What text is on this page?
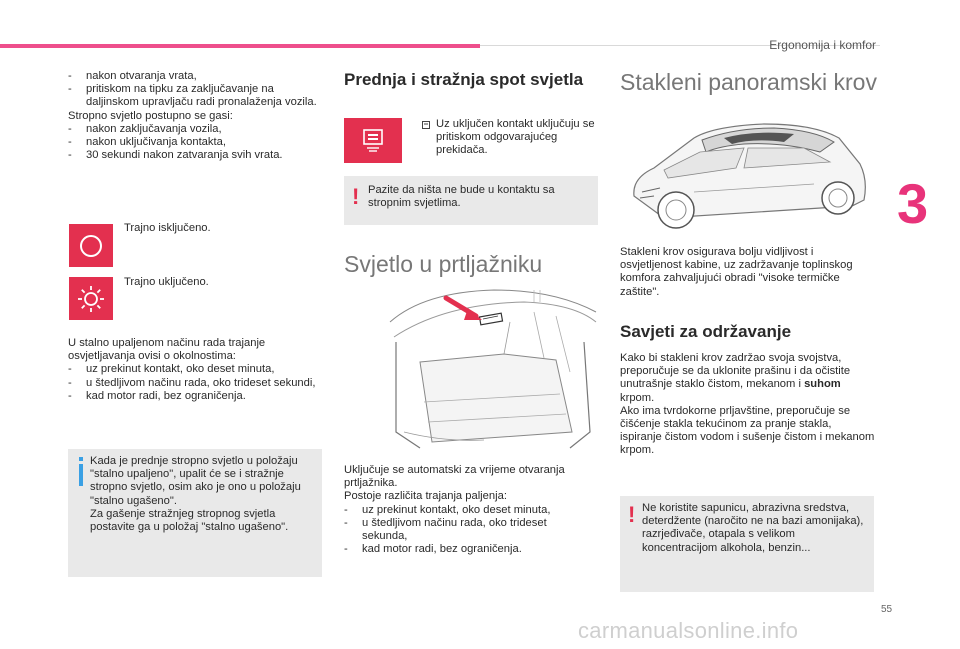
Ergonomija i komfor
3
-	nakon otvaranja vrata,
-	pritiskom na tipku za zaključavanje na daljinskom upravljaču radi pronalaženja vozila.
Stropno svjetlo postupno se gasi:
-	nakon zaključavanja vozila,
-	nakon uključivanja kontakta,
-	30 sekundi nakon zatvaranja svih vrata.
Trajno isključeno.
Trajno uključeno.
U stalno upaljenom načinu rada trajanje osvjetljavanja ovisi o okolnostima:
-	uz prekinut kontakt, oko deset minuta,
-	u štedljivom načinu rada, oko trideset sekundi,
-	kad motor radi, bez ograničenja.
Kada je prednje stropno svjetlo u položaju "stalno upaljeno", upalit će se i stražnje stropno svjetlo, osim ako je ono u položaju "stalno ugašeno".
Za gašenje stražnjeg stropnog svjetla postavite ga u položaj "stalno ugašeno".
Prednja i stražnja spot svjetla
Uz uključen kontakt uključuju se pritiskom odgovarajućeg prekidača.
! Pazite da ništa ne bude u kontaktu sa stropnim svjetlima.
Svjetlo u prtljažniku
Uključuje se automatski za vrijeme otvaranja prtljažnika.
Postoje različita trajanja paljenja:
-	uz prekinut kontakt, oko deset minuta,
-	u štedljivom načinu rada, oko trideset sekunda,
-	kad motor radi, bez ograničenja.
Stakleni panoramski krov
Stakleni krov osigurava bolju vidljivost i osvjetljenost kabine, uz zadržavanje toplinskog komfora zahvaljujući obradi "visoke termičke zaštite".
Savjeti za održavanje
Kako bi stakleni krov zadržao svoja svojstva, preporučuje se da uklonite prašinu i da očistite unutrašnje staklo čistom, mekanom i suhom krpom.
Ako ima tvrdokorne prljavštine, preporučuje se čišćenje stakla tekućinom za pranje stakla, ispiranje čistom vodom i sušenje čistom i mekanom krpom.
! Ne koristite sapunicu, abrazivna sredstva, deterdžente (naročito ne na bazi amonijaka), razrjeđivače, otapala s velikom koncentracijom alkohola, benzin...
55
carmanualsonline.info
